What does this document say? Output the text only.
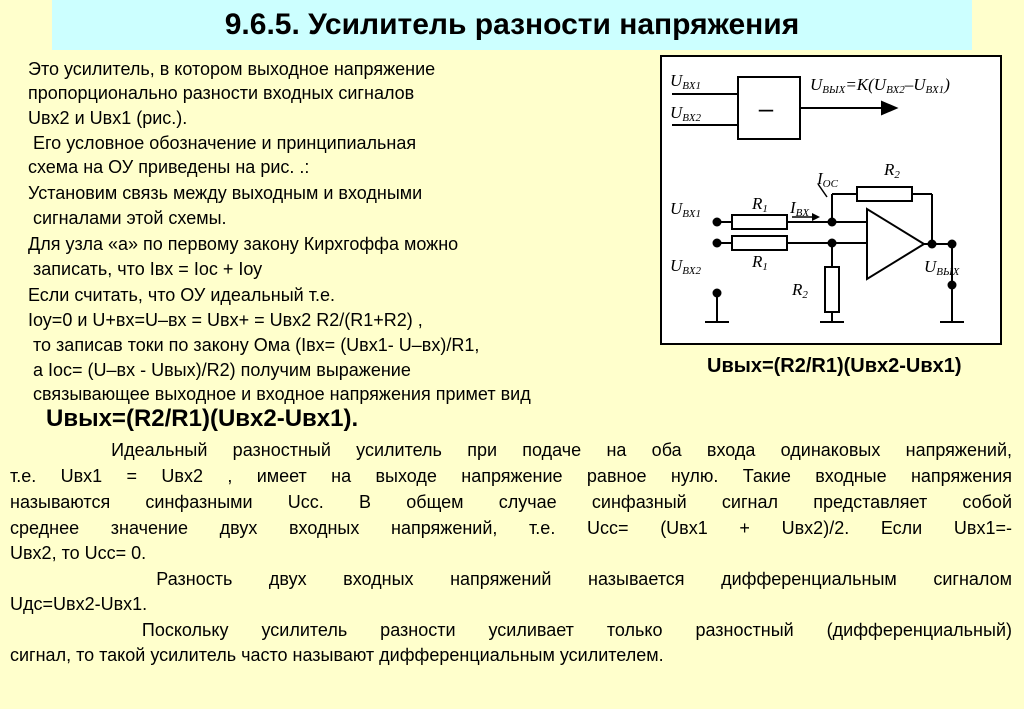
9.6.5. Усилитель разности напряжения
Это усилитель, в котором выходное напряжение
пропорционально разности входных сигналов
Uвх2 и Uвх1 (рис.).
Его условное обозначение и принципиальная
схема на ОУ приведены на рис. .:
Установим связь между выходным и входными
сигналами этой схемы.
Для узла «а» по первому закону Кирхгоффа можно
записать, что Iвх = Iос + Iоу
Если считать, что ОУ идеальный т.е.
Iоу=0 и U+вх=U–вх = Uвх+ = Uвх2 R2/(R1+R2) ,
то записав токи по закону Ома (Iвх= (Uвх1- U–вх)/R1,
а Iос= (U–вх - Uвых)/R2) получим выражение
связывающее выходное и входное напряжения примет вид
Uвых=(R2/R1)(Uвх2-Uвх1).
Идеальный разностный усилитель при подаче на оба входа одинаковых напряжений,
т.е. Uвх1 = Uвх2 , имеет на выходе напряжение равное нулю. Такие входные напряжения
называются синфазными Uсс. В общем случае синфазный сигнал представляет собой
среднее значение двух входных напряжений, т.е. Uсс= (Uвх1 + Uвх2)/2. Если Uвх1=-
Uвх2, то Uсс= 0.
Разность двух входных напряжений называется дифференциальным сигналом
Uдс=Uвх2-Uвх1.
Поскольку усилитель разности усиливает только разностный (дифференциальный)
сигнал, то такой усилитель часто называют дифференциальным усилителем.
–
UВХ1
UВХ2
UВЫХ=K(UВХ2–UВХ1)
IOC
R2
R1 IBX
R1
R2
UВХ1
UВХ2	UВЫХ
Uвых=(R2/R1)(Uвх2-Uвх1)
